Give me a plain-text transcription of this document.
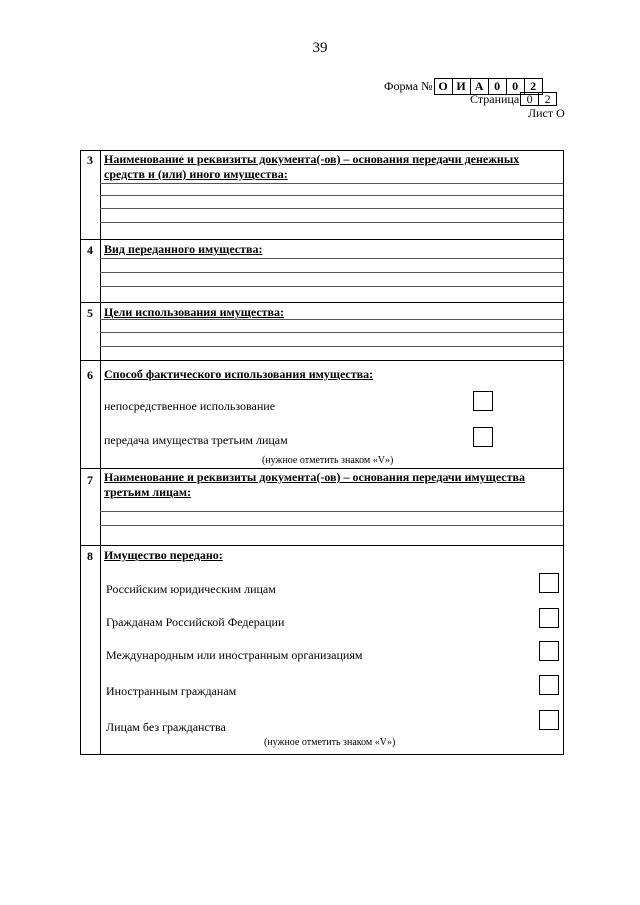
39
Форма № О И А 0	0	2
Страница 0	2
Лист О
3 Наименование и реквизиты документа(-ов) – основания передачи денежных средств и (или) иного имущества:
4 Вид переданного имущества:
5 Цели использования имущества:
6 Способ фактического использования имущества:
непосредственное использование
передача имущества третьим лицам
(нужное отметить знаком «V»)
7 Наименование и реквизиты документа(-ов) – основания передачи имущества третьим лицам:
8 Имущество передано:
Российским юридическим лицам
Гражданам Российской Федерации
Международным или иностранным организациям
Иностранным гражданам
Лицам без гражданства
(нужное отметить знаком «V»)
